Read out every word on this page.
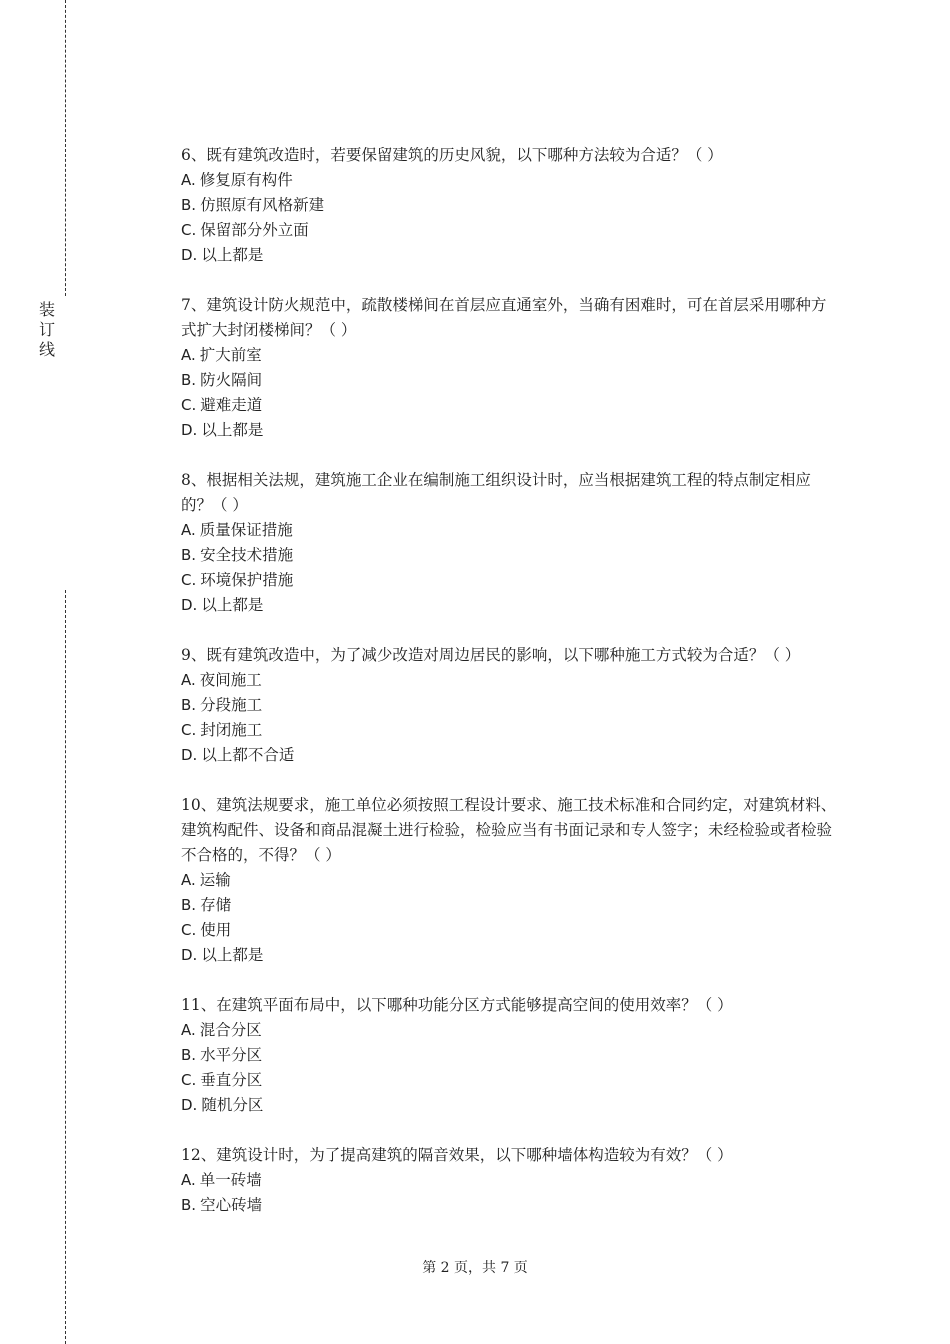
装
订
线

6、既有建筑改造时，若要保留建筑的历史风貌，以下哪种方法较为合适？（ ）

A. 修复原有构件

B. 仿照原有风格新建

C. 保留部分外立面

D. 以上都是

7、建筑设计防火规范中，疏散楼梯间在首层应直通室外，当确有困难时，可在首层采用哪种方式扩大封闭楼梯间？（ ）

A. 扩大前室

B. 防火隔间

C. 避难走道

D. 以上都是

8、根据相关法规，建筑施工企业在编制施工组织设计时，应当根据建筑工程的特点制定相应的？（ ）

A. 质量保证措施

B. 安全技术措施

C. 环境保护措施

D. 以上都是

9、既有建筑改造中，为了减少改造对周边居民的影响，以下哪种施工方式较为合适？（ ）

A. 夜间施工

B. 分段施工

C. 封闭施工

D. 以上都不合适

10、建筑法规要求，施工单位必须按照工程设计要求、施工技术标准和合同约定，对建筑材料、建筑构配件、设备和商品混凝土进行检验，检验应当有书面记录和专人签字；未经检验或者检验不合格的，不得？（ ）

A. 运输

B. 存储

C. 使用

D. 以上都是

11、在建筑平面布局中，以下哪种功能分区方式能够提高空间的使用效率？（ ）

A. 混合分区

B. 水平分区

C. 垂直分区

D. 随机分区

12、建筑设计时，为了提高建筑的隔音效果，以下哪种墙体构造较为有效？（ ）

A. 单一砖墙

B. 空心砖墙

第 2 页，共 7 页
